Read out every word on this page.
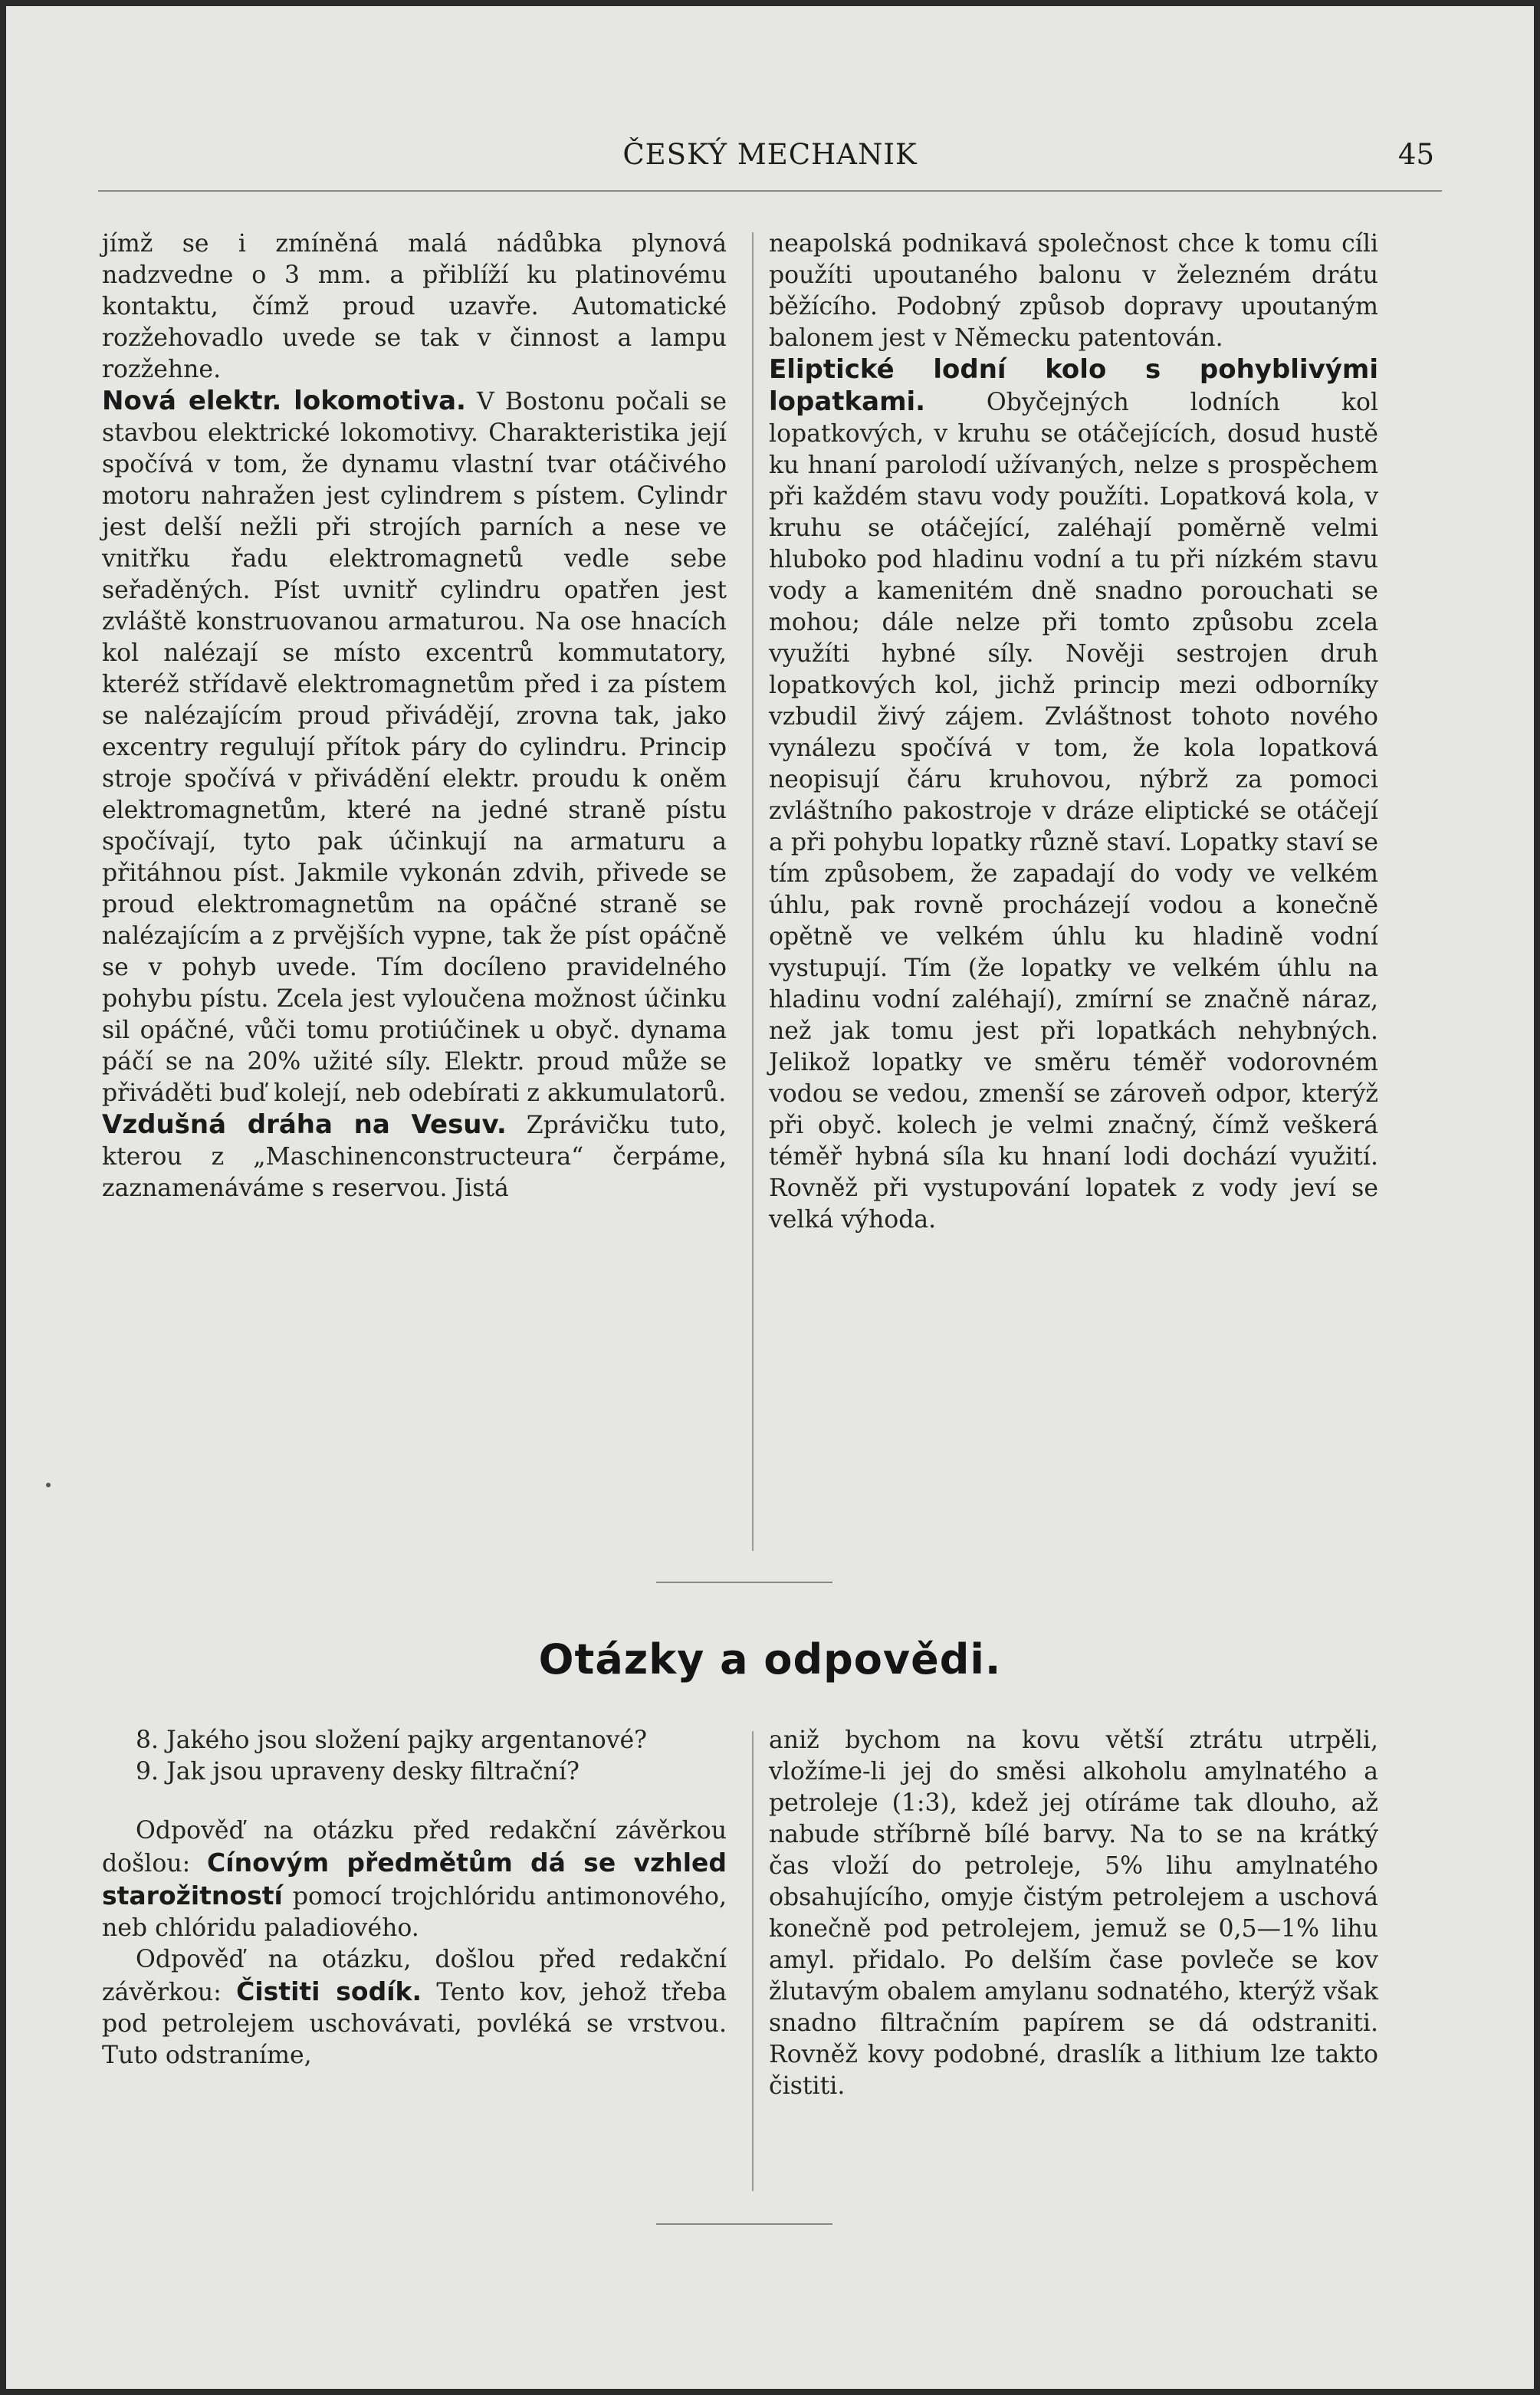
ČESKÝ MECHANIK	45

jímž se i zmíněná malá nádůbka plynová nadzvedne o 3 mm. a přiblíží ku platinovému kontaktu, čímž proud uzavře. Automatické rozžehovadlo uvede se tak v činnost a lampu rozžehne.

Nová elektr. lokomotiva. V Bostonu počali se stavbou elektrické lokomotivy. Charakteristika její spočívá v tom, že dynamu vlastní tvar otáčivého motoru nahražen jest cylindrem s pístem. Cylindr jest delší nežli při strojích parních a nese ve vnitřku řadu elektromagnetů vedle sebe seřaděných. Píst uvnitř cylindru opatřen jest zvláště konstruovanou armaturou. Na ose hnacích kol nalézají se místo excentrů kommutatory, kteréž střídavě elektromagnetům před i za pístem se nalézajícím proud přivádějí, zrovna tak, jako excentry regulují přítok páry do cylindru. Princip stroje spočívá v přivádění elektr. proudu k oněm elektromagnetům, které na jedné straně pístu spočívají, tyto pak účinkují na armaturu a přitáhnou píst. Jakmile vykonán zdvih, přivede se proud elektromagnetům na opáčné straně se nalézajícím a z prvějších vypne, tak že píst opáčně se v pohyb uvede. Tím docíleno pravidelného pohybu pístu. Zcela jest vyloučena možnost účinku sil opáčné, vůči tomu protiúčinek u obyč. dynama páčí se na 20% užité síly. Elektr. proud může se přiváděti buď kolejí, neb odebírati z akkumulatorů.

Vzdušná dráha na Vesuv. Zprávičku tuto, kterou z „Maschinenconstructeura“ čerpáme, zaznamenáváme s reservou. Jistá

neapolská podnikavá společnost chce k tomu cíli použíti upoutaného balonu v železném drátu běžícího. Podobný způsob dopravy upoutaným balonem jest v Německu patentován.

Eliptické lodní kolo s pohyblivými lopatkami.	Obyčejných lodních kol lopatkových, v kruhu se otáčejících, dosud hustě ku hnaní parolodí užívaných, nelze s prospěchem při každém stavu vody použíti. Lopatková kola, v kruhu se otáčející, zaléhají poměrně velmi hluboko pod hladinu vodní a tu při nízkém stavu vody a kamenitém dně snadno porouchati se mohou; dále nelze při tomto způsobu zcela využíti hybné síly. Nověji sestrojen druh lopatkových kol, jichž princip mezi odborníky vzbudil živý zájem. Zvláštnost tohoto nového vynálezu spočívá v tom, že kola lopatková neopisují čáru kruhovou, nýbrž za pomoci zvláštního pakostroje v dráze eliptické se otáčejí a při pohybu lopatky různě staví. Lopatky staví se tím způsobem, že zapadají do vody ve velkém úhlu, pak rovně procházejí vodou a konečně opětně ve velkém úhlu ku hladině vodní vystupují. Tím (že lopatky ve velkém úhlu na hladinu vodní zaléhají), zmírní se značně náraz, než jak tomu jest při lopatkách nehybných. Jelikož lopatky ve směru téměř vodorovném vodou se vedou, zmenší se zároveň odpor, kterýž při obyč. kolech je velmi značný, čímž veškerá téměř hybná síla ku hnaní lodi dochází využití. Rovněž při vystupování lopatek z vody jeví se velká výhoda.

Otázky a odpovědi.

8. Jakého jsou složení pajky argentanové?

9. Jak jsou upraveny desky filtrační?

Odpověď na otázku před redakční závěrkou došlou: Cínovým předmětům dá se vzhled starožitností pomocí trojchlóridu antimonového, neb chlóridu paladiového.

Odpověď na otázku, došlou před redakční závěrkou: Čistiti sodík. Tento kov, jehož třeba pod petrolejem uschovávati, povléká se vrstvou. Tuto odstraníme,

aniž bychom na kovu větší ztrátu utrpěli, vložíme-li jej do směsi alkoholu amylnatého a petroleje (1:3), kdež jej otíráme tak dlouho, až nabude stříbrně bílé barvy. Na to se na krátký čas vloží do petroleje, 5% lihu amylnatého obsahujícího, omyje čistým petrolejem a uschová konečně pod petrolejem, jemuž se 0,5—1% lihu amyl. přidalo. Po delším čase povleče se kov žlutavým obalem amylanu sodnatého, kterýž však snadno filtračním papírem se dá odstraniti. Rovněž kovy podobné, draslík a lithium lze takto čistiti.
